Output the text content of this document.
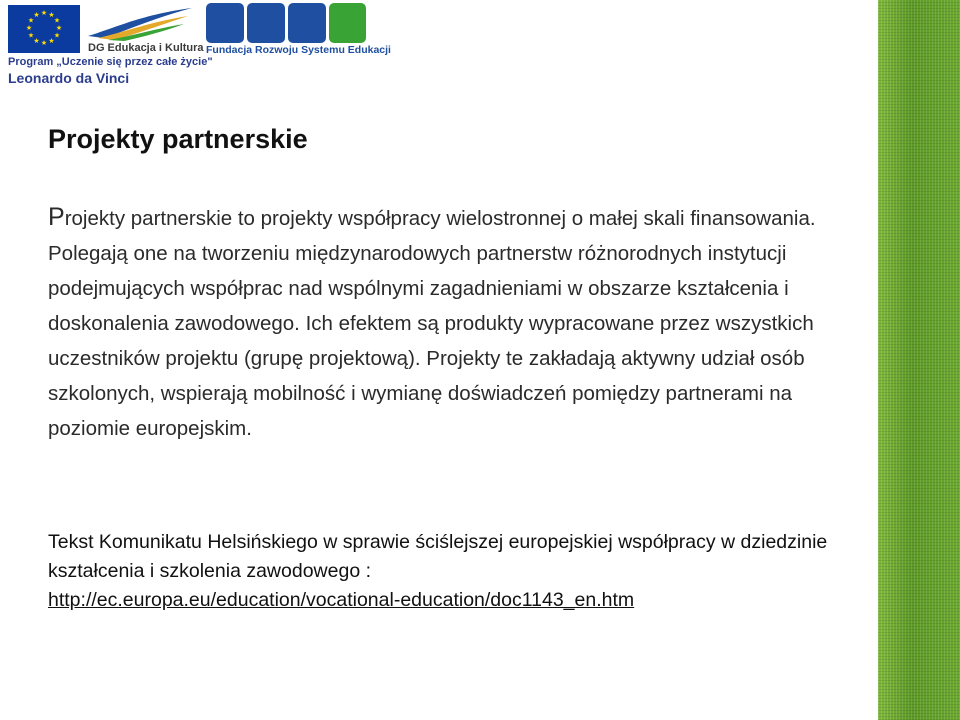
★ ★
★
★
★
★
★
★
★
★
★
★
DG Edukacja i Kultura
Program „Uczenie się przez całe życie"
Leonardo da Vinci
Fundacja Rozwoju Systemu Edukacji
Projekty partnerskie

Projekty partnerskie to projekty współpracy wielostronnej o małej skali finansowania. Polegają one na tworzeniu międzynarodowych partnerstw różnorodnych instytucji podejmujących współprac nad wspólnymi zagadnieniami w obszarze kształcenia i doskonalenia zawodowego. Ich efektem są produkty wypracowane przez wszystkich uczestników projektu (grupę projektową). Projekty te zakładają aktywny udział osób szkolonych, wspierają mobilność i wymianę doświadczeń pomiędzy partnerami na poziomie europejskim.

Tekst Komunikatu Helsińskiego w sprawie ściślejszej europejskiej współpracy w dziedzinie kształcenia i szkolenia zawodowego :
http://ec.europa.eu/education/vocational-education/doc1143_en.htm
